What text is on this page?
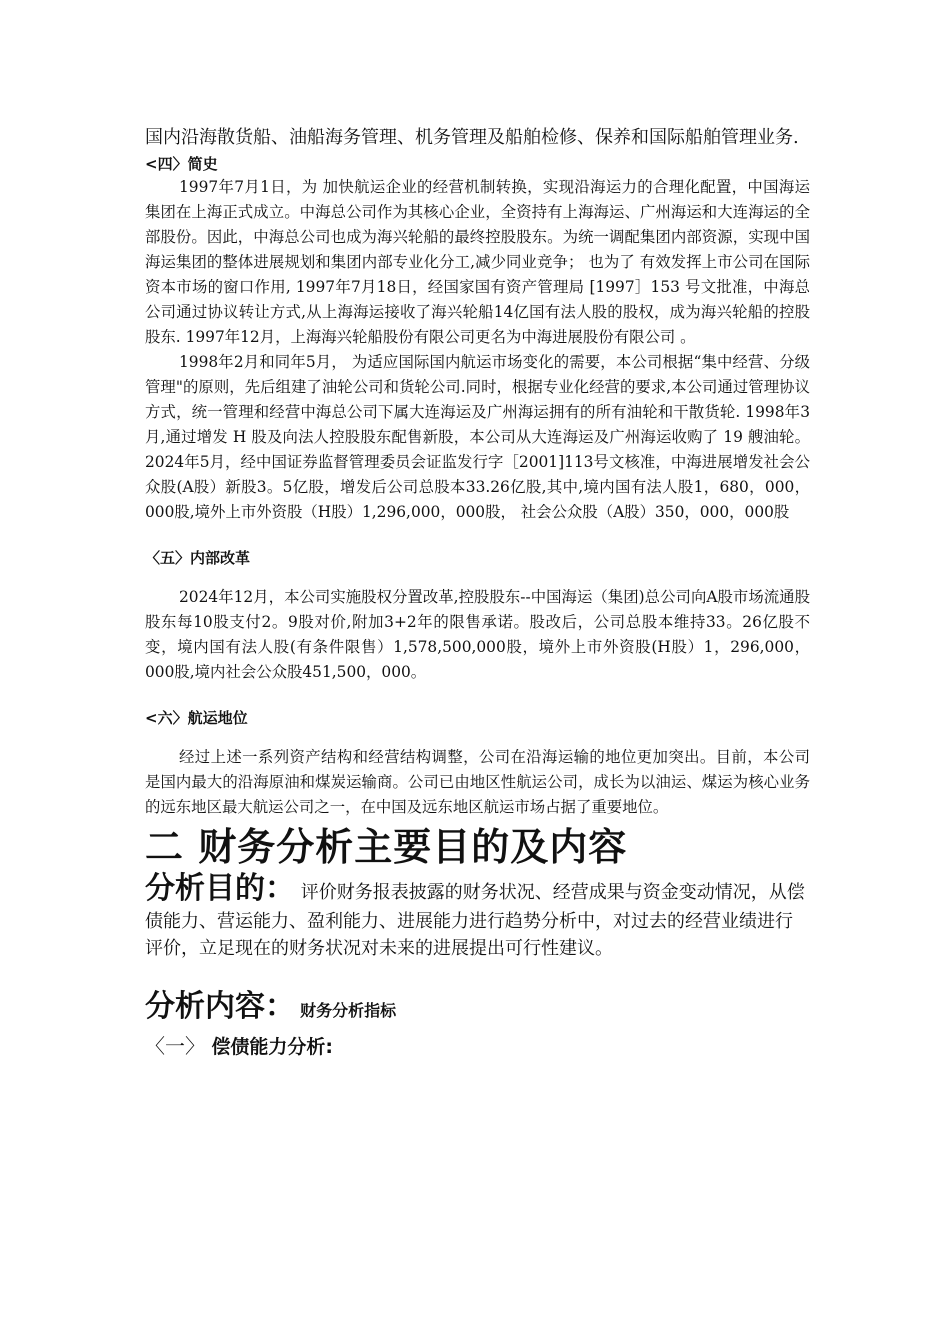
国内沿海散货船、油船海务管理、机务管理及船舶检修、保养和国际船舶管理业务.

<四〉简史

1997年7月1日，为 加快航运企业的经营机制转换，实现沿海运力的合理化配置，中国海运集团在上海正式成立。中海总公司作为其核心企业，全资持有上海海运、广州海运和大连海运的全部股份。因此，中海总公司也成为海兴轮船的最终控股股东。为统一调配集团内部资源，实现中国海运集团的整体进展规划和集团内部专业化分工,减少同业竞争； 也为了 有效发挥上市公司在国际资本市场的窗口作用, 1997年7月18日，经国家国有资产管理局 [1997］153 号文批准，中海总公司通过协议转让方式,从上海海运接收了海兴轮船14亿国有法人股的股权，成为海兴轮船的控股股东. 1997年12月，上海海兴轮船股份有限公司更名为中海进展股份有限公司 。

1998年2月和同年5月， 为适应国际国内航运市场变化的需要，本公司根据“集中经营、分级管理"的原则，先后组建了油轮公司和货轮公司.同时，根据专业化经营的要求,本公司通过管理协议方式，统一管理和经营中海总公司下属大连海运及广州海运拥有的所有油轮和干散货轮. 1998年3月,通过增发 H 股及向法人控股股东配售新股，本公司从大连海运及广州海运收购了 19 艘油轮。2024年5月，经中国证券监督管理委员会证监发行字［2001]113号文核准，中海进展增发社会公众股(A股）新股3。5亿股，增发后公司总股本33.26亿股,其中,境内国有法人股1，680，000，000股,境外上市外资股（H股）1,296,000，000股， 社会公众股（A股）350，000，000股

〈五〉内部改革

2024年12月，本公司实施股权分置改革,控股股东--中国海运（集团)总公司向A股市场流通股股东每10股支付2。9股对价,附加3+2年的限售承诺。股改后，公司总股本维持33。26亿股不变，境内国有法人股(有条件限售）1,578,500,000股，境外上市外资股(H股）1，296,000，000股,境内社会公众股451,500，000。

<六〉航运地位

经过上述一系列资产结构和经营结构调整，公司在沿海运输的地位更加突出。目前，本公司是国内最大的沿海原油和煤炭运输商。公司已由地区性航运公司，成长为以油运、煤运为核心业务的远东地区最大航运公司之一，在中国及远东地区航运市场占据了重要地位。

二 财务分析主要目的及内容

分析目的： 评价财务报表披露的财务状况、经营成果与资金变动情况，从偿债能力、营运能力、盈利能力、进展能力进行趋势分析中，对过去的经营业绩进行评价，立足现在的财务状况对未来的进展提出可行性建议。

分析内容： 财务分析指标

〈一〉 偿债能力分析:
